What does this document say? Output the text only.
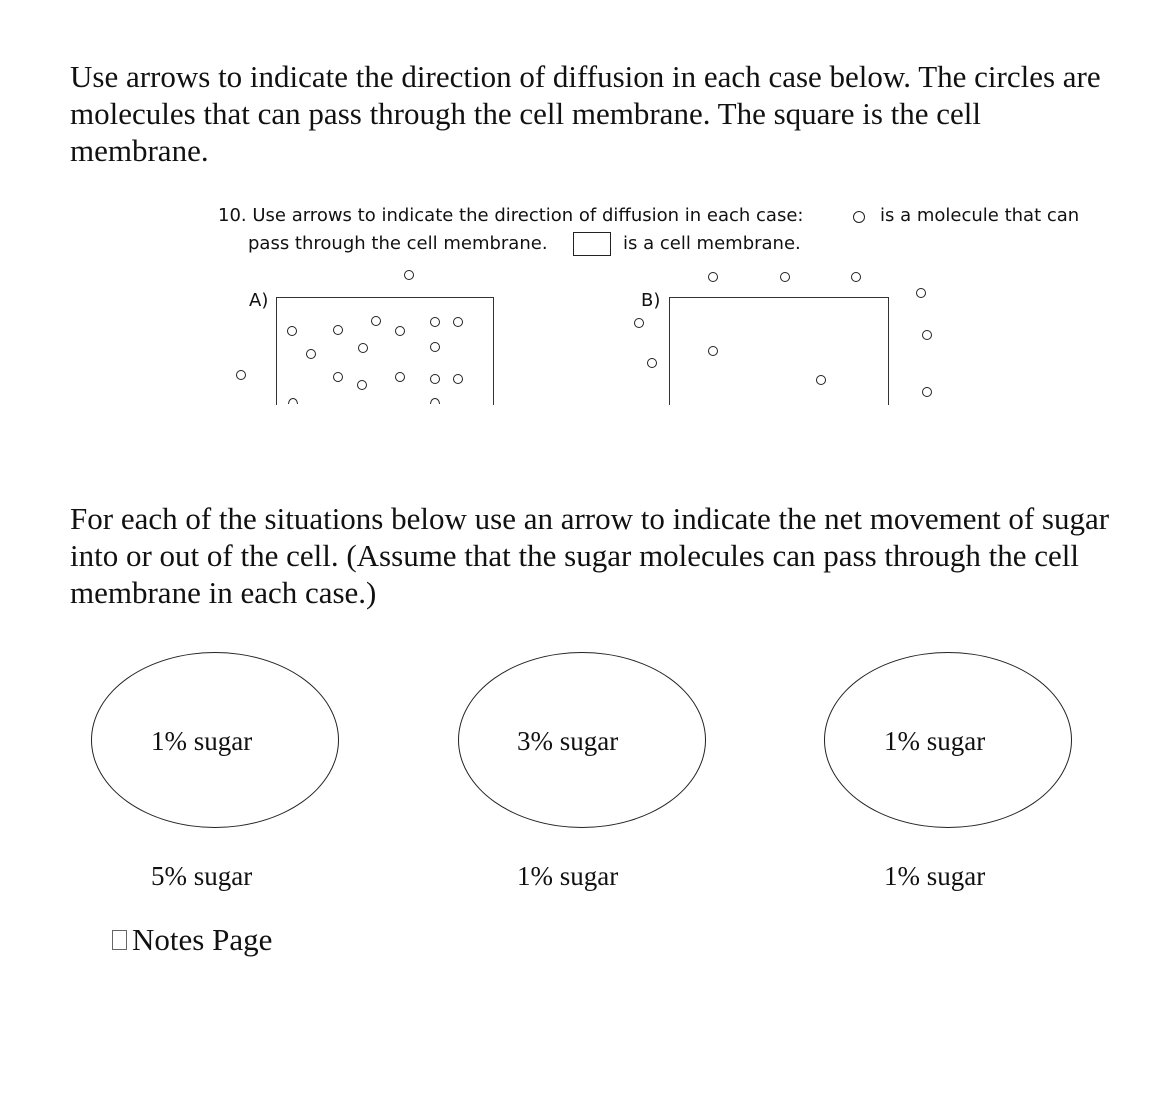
Use arrows to indicate the direction of diffusion in each case below. The circles are molecules that can pass through the cell membrane. The square is the cell membrane.

10. Use arrows to indicate the direction of diffusion in each case:	is a molecule that can
pass through the cell membrane.	is a cell membrane.
A)	B)

For each of the situations below use an arrow to indicate the net movement of sugar into or out of the cell. (Assume that the sugar molecules can pass through the cell membrane in each case.)

1% sugar
5% sugar
3% sugar
1% sugar
1% sugar
1% sugar
Notes Page
